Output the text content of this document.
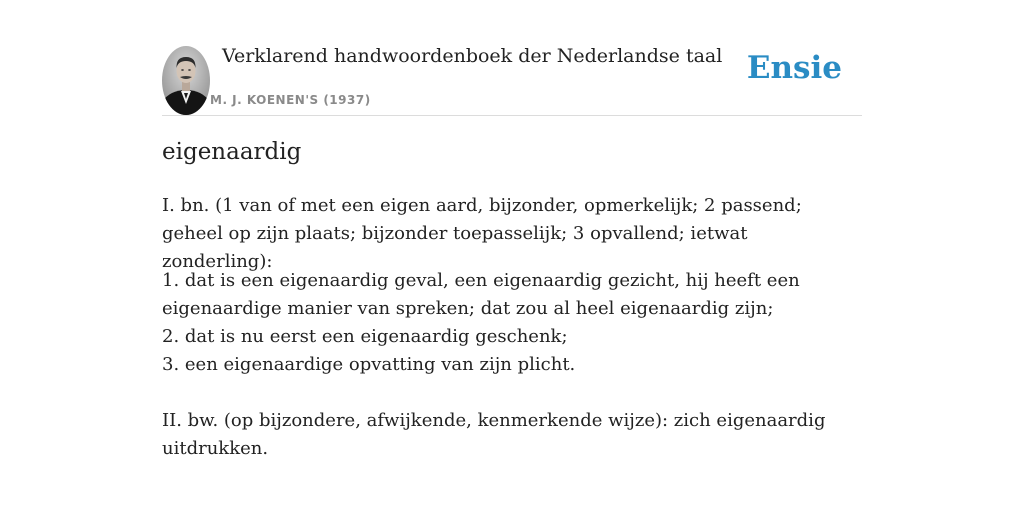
Verklarend handwoordenboek der Nederlandse taal
M. J. KOENEN'S (1937)
Ensie
eigenaardig

I. bn. (1 van of met een eigen aard, bijzonder, opmerkelijk; 2 passend; geheel op zijn plaats; bijzonder toepasselijk; 3 opvallend; ietwat zonderling):

1. dat is een eigenaardig geval, een eigenaardig gezicht, hij heeft een eigenaardige manier van spreken; dat zou al heel eigenaardig zijn;
2. dat is nu eerst een eigenaardig geschenk;
3. een eigenaardige opvatting van zijn plicht.

II. bw. (op bijzondere, afwijkende, kenmerkende wijze): zich eigenaardig uitdrukken.
